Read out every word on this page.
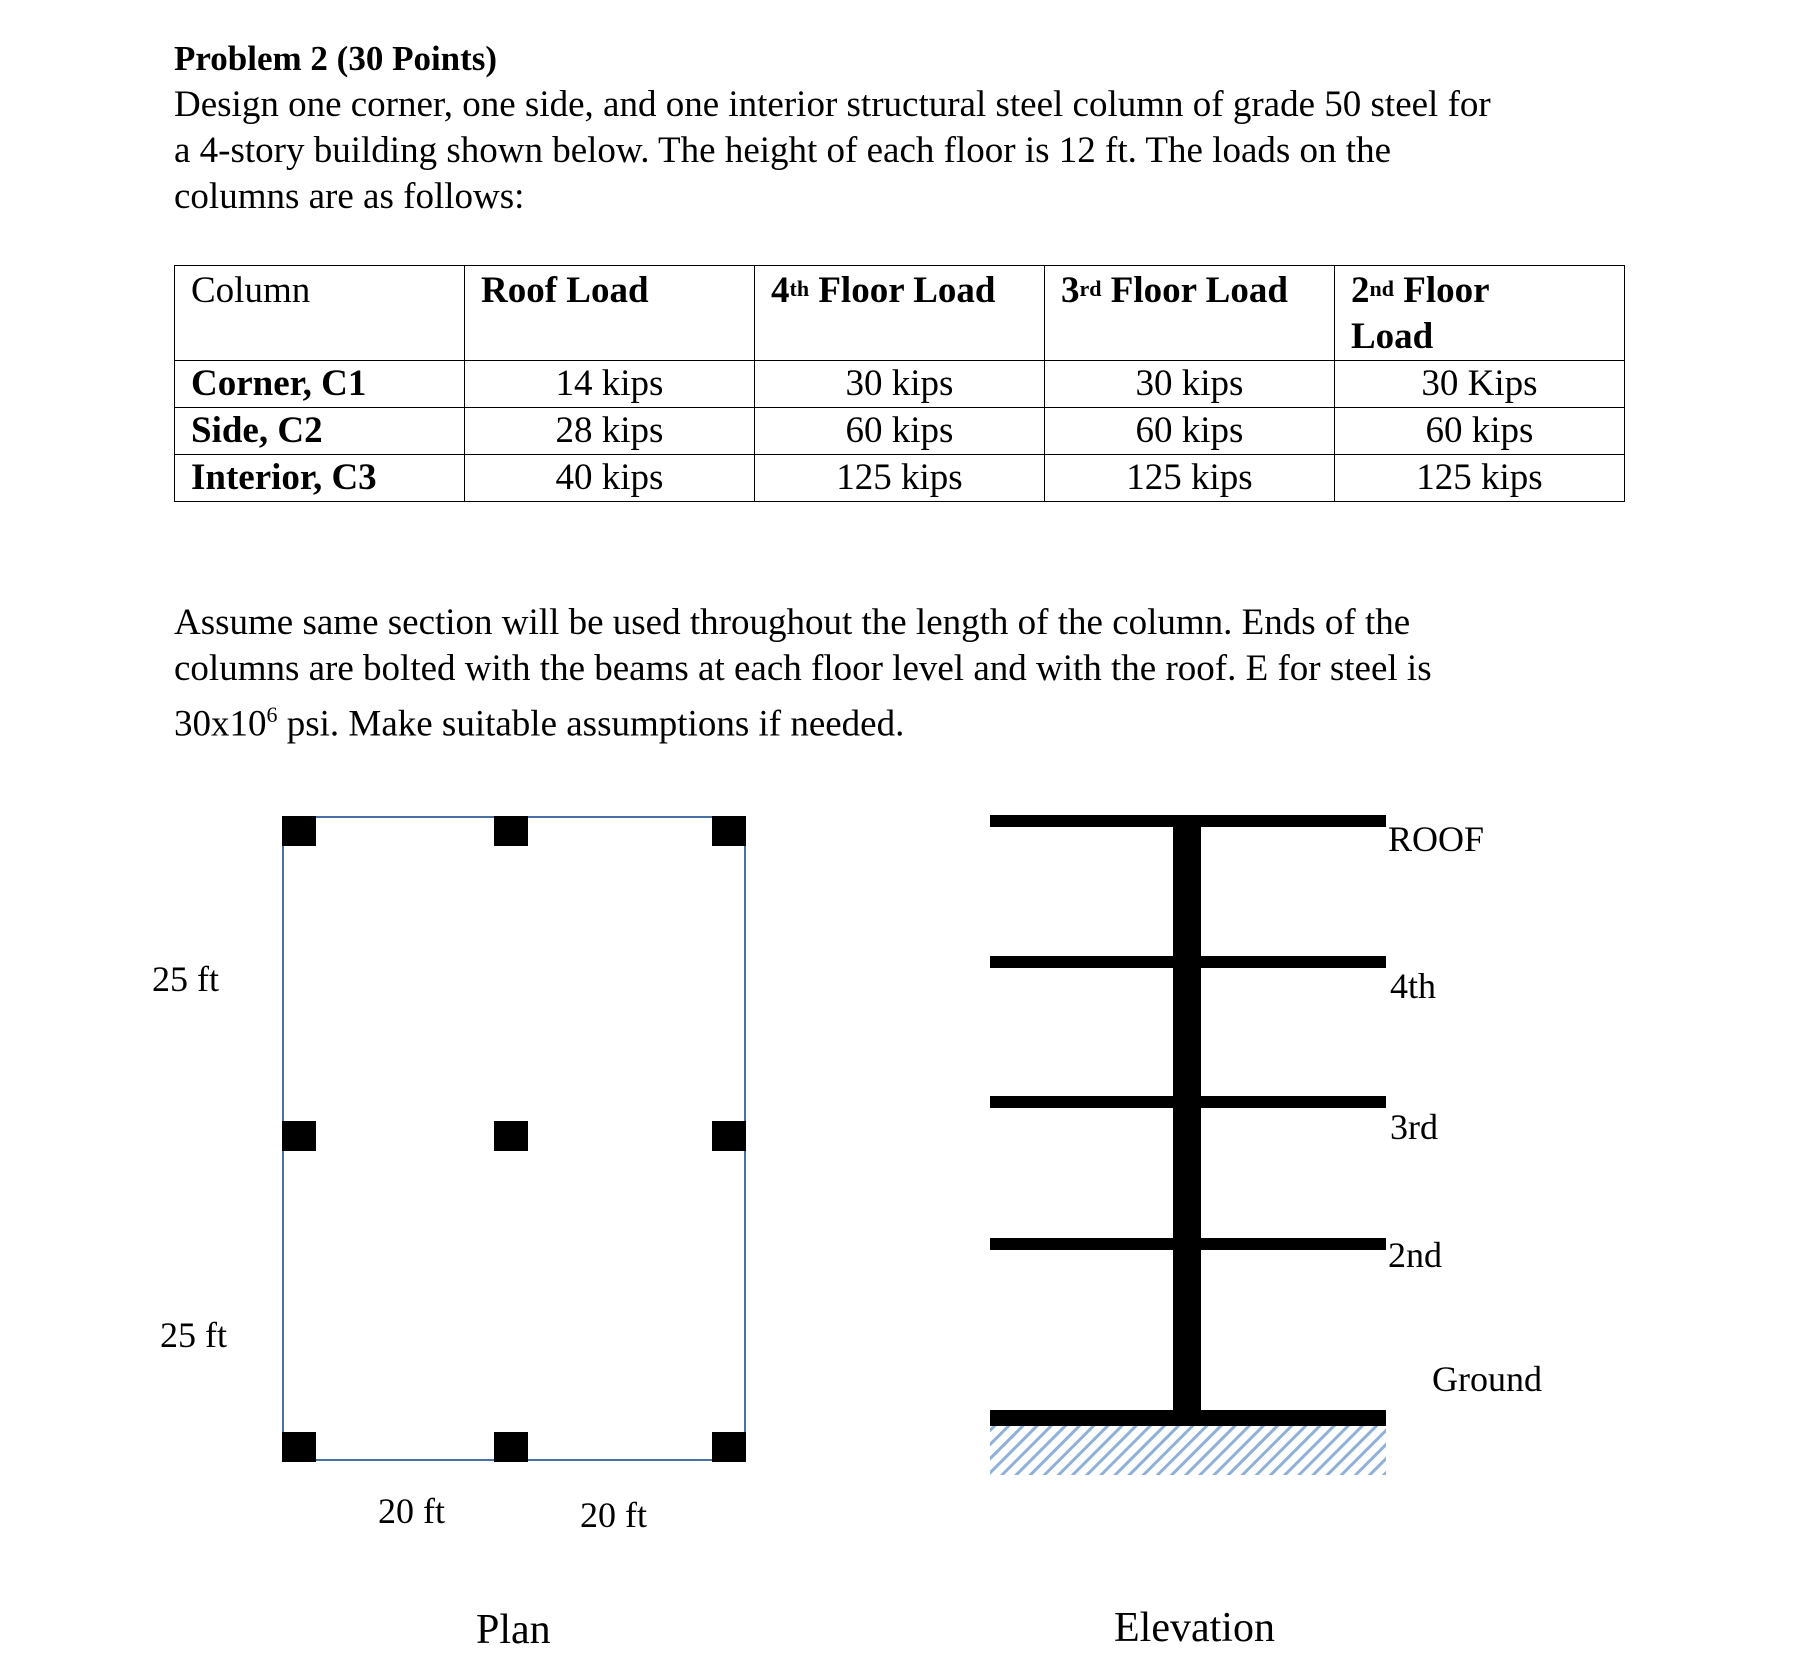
Problem 2 (30 Points)
Design one corner, one side, and one interior structural steel column of grade 50 steel for
a 4-story building shown below. The height of each floor is 12 ft. The loads on the
columns are as follows:
Column	Roof Load	4th Floor Load	3rd Floor Load	2nd Floor
Load
Corner, C1	14 kips	30 kips	30 kips	30 Kips
Side, C2	28 kips	60 kips	60 kips	60 kips
Interior, C3	40 kips	125 kips	125 kips	125 kips
Assume same section will be used throughout the length of the column. Ends of the
columns are bolted with the beams at each floor level and with the roof. E for steel is
$30x10^6$ psi. Make suitable assumptions if needed.
25 ft
25 ft
20 ft	20 ft
Plan
ROOF
4th
3rd
2nd
Ground
Elevation
